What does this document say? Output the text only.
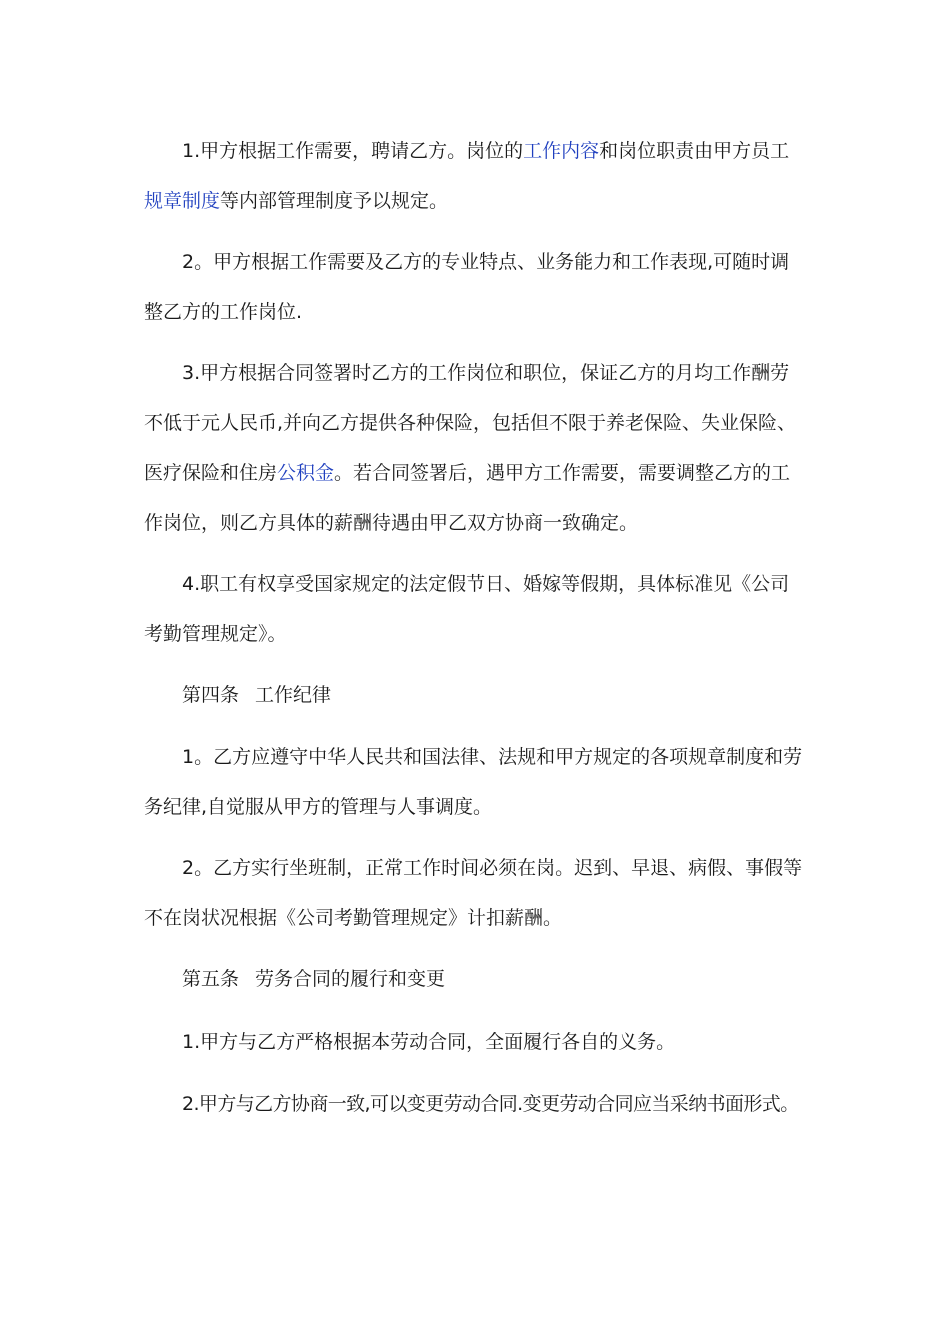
1.甲方根据工作需要，聘请乙方。岗位的工作内容和岗位职责由甲方员工
规章制度等内部管理制度予以规定。
2。甲方根据工作需要及乙方的专业特点、业务能力和工作表现,可随时调
整乙方的工作岗位.
3.甲方根据合同签署时乙方的工作岗位和职位，保证乙方的月均工作酬劳
不低于元人民币,并向乙方提供各种保险，包括但不限于养老保险、失业保险、
医疗保险和住房公积金。若合同签署后，遇甲方工作需要，需要调整乙方的工
作岗位，则乙方具体的薪酬待遇由甲乙双方协商一致确定。
4.职工有权享受国家规定的法定假节日、婚嫁等假期，具体标准见《公司
考勤管理规定》。
第四条 工作纪律
1。乙方应遵守中华人民共和国法律、法规和甲方规定的各项规章制度和劳
务纪律,自觉服从甲方的管理与人事调度。
2。乙方实行坐班制，正常工作时间必须在岗。迟到、早退、病假、事假等
不在岗状况根据《公司考勤管理规定》计扣薪酬。
第五条 劳务合同的履行和变更
1.甲方与乙方严格根据本劳动合同，全面履行各自的义务。
2.甲方与乙方协商一致,可以变更劳动合同.变更劳动合同应当采纳书面形式。
